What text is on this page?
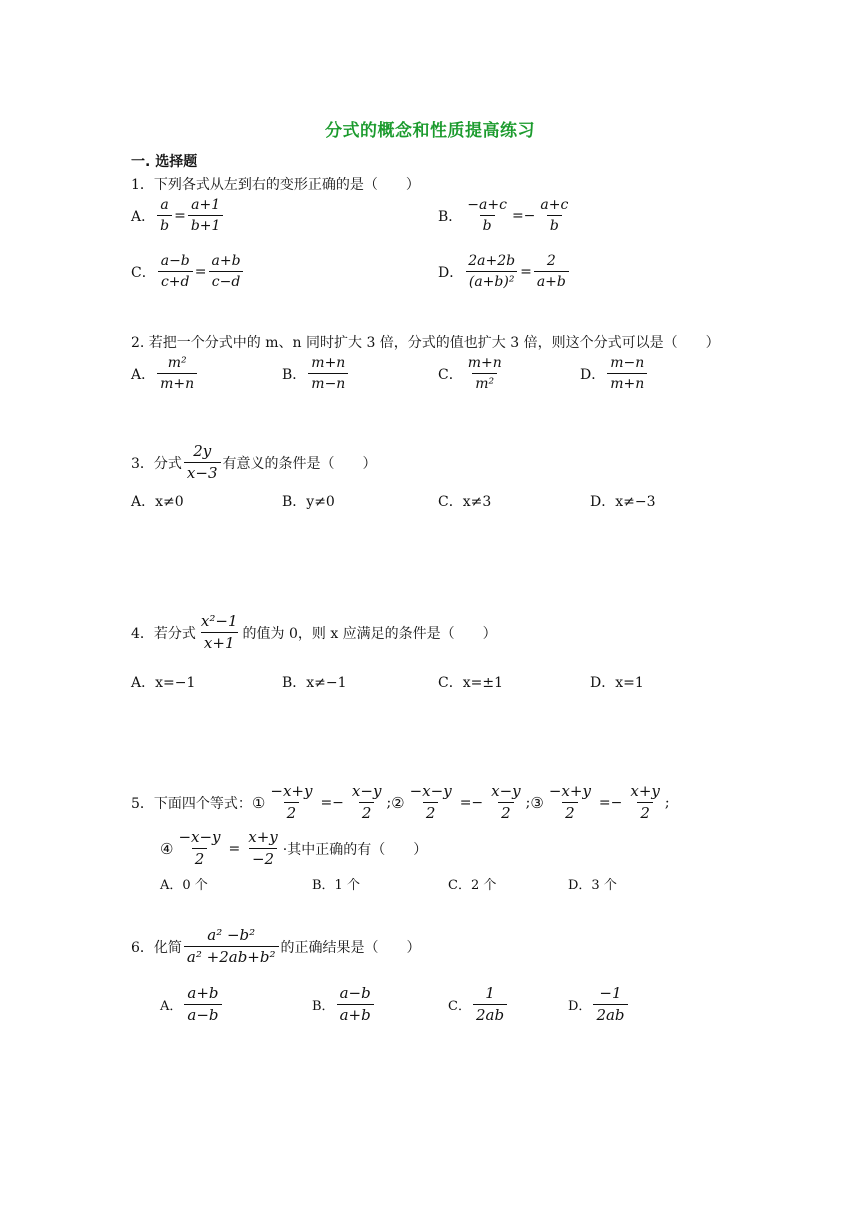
分式的概念和性质提高练习
一. 选择题
1．下列各式从左到右的变形正确的是（　　）
A． $\frac{a}{b} = \frac{a+1}{b+1}$	B． $\frac{-a+c}{b} =- \frac{a+c}{b}$
C． $\frac{a-b}{c+d} = \frac{a+b}{c-d}$	D． $\frac{2a+2b}{\text{(a+b)²}} = \frac{2}{a+b}$
2. 若把一个分式中的 m、n 同时扩大 3 倍，分式的值也扩大 3 倍，则这个分式可以是（　　）
A． $\frac{\text{m²}}{m+n}$	B． $\frac{m+n}{m-n}$	C． $\frac{m+n}{\text{m²}}$	D． $\frac{m-n}{m+n}$
3．分式 $\frac{2y}{x-3}$ 有意义的条件是（　　）
A．x≠0	B．y≠0	C．x≠3	D．x≠−3
4．若分式 $\frac{\text{x²−1}}{x+1}$ 的值为 0，则 x 应满足的条件是（　　）
A．x=−1	B．x≠−1	C．x=±1	D．x=1
5．下面四个等式： ① $\frac{-x+y}{2} =- \frac{x-y}{2}$ ; ② $\frac{-x-y}{2} =- \frac{x-y}{2}$ ; ③ $\frac{-x+y}{2} =- \frac{x+y}{2}$ ;
④ $\frac{-x-y}{2} = \frac{x+y}{-2}$ ·其中正确的有（　　）
A．0 个	B．1 个	C．2 个	D．3 个
6．化简 $\frac{\text{a² −b²}}{\text{a² +2ab+b²}}$ 的正确结果是（　　）
A． $\frac{a+b}{a-b}$	B． $\frac{a-b}{a+b}$	C． $\frac{1}{2ab}$	D． $\frac{-1}{2ab}$
